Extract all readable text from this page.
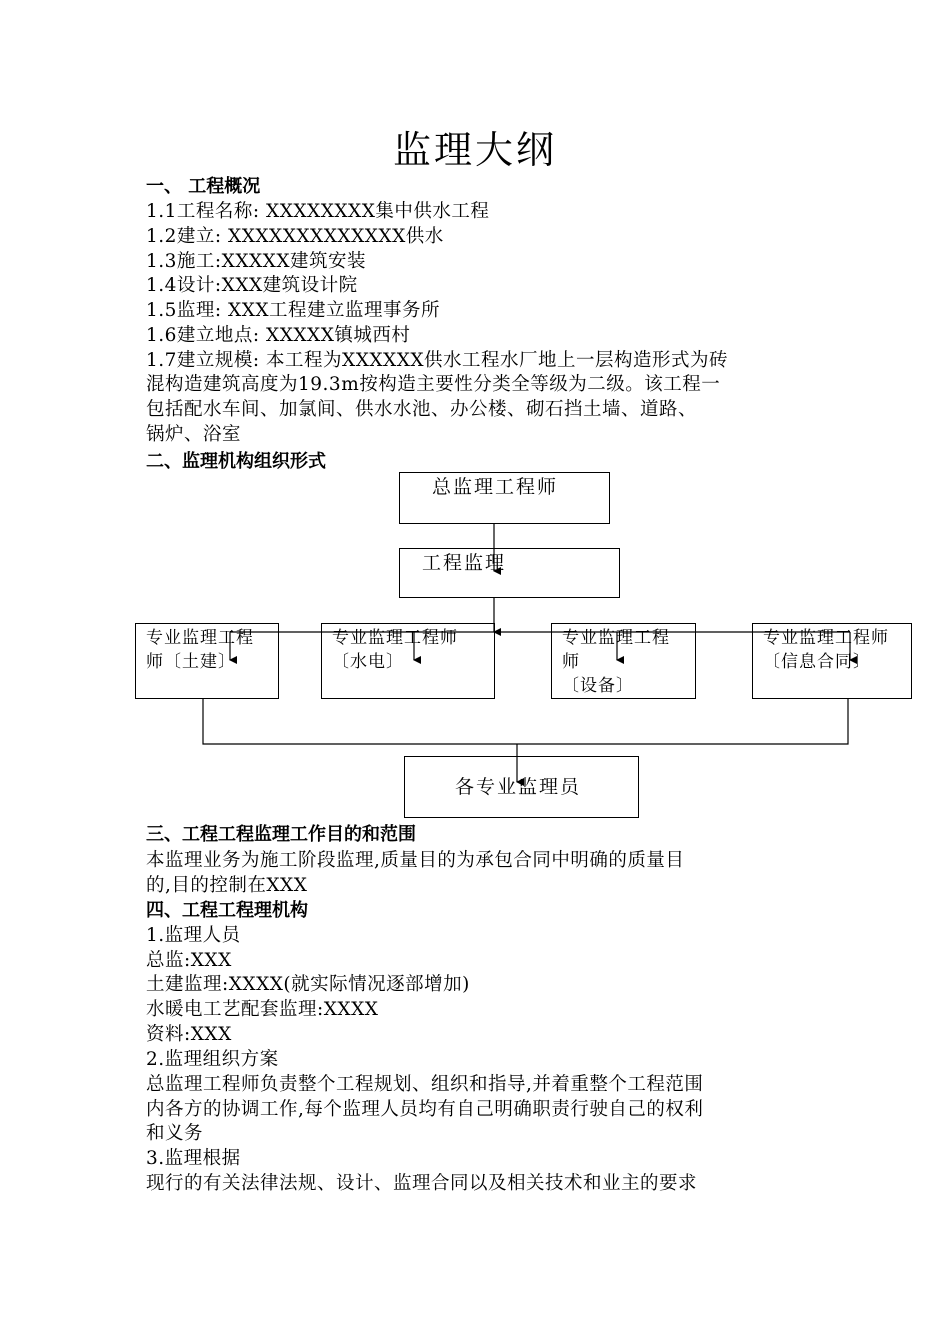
监理大纲
一、 工程概况
1.1工程名称: XXXXXXXX集中供水工程
1.2建立: XXXXXXXXXXXXX供水
1.3施工:XXXXX建筑安装
1.4设计:XXX建筑设计院
1.5监理: XXX工程建立监理事务所
1.6建立地点: XXXXX镇城西村
1.7建立规模: 本工程为XXXXXX供水工程水厂地上一层构造形式为砖
混构造建筑高度为19.3m按构造主要性分类全等级为二级。该工程一
包括配水车间、加氯间、供水水池、办公楼、砌石挡土墙、道路、
锅炉、浴室
二、监理机构组织形式
总监理工程师
工程监理
专业监理工程
师〔土建〕
专业监理工程师
〔水电〕
专业监理工程
师
〔设备〕
专业监理工程师
〔信息合同〕
各专业监理员
三、工程工程监理工作目的和范围
本监理业务为施工阶段监理,质量目的为承包合同中明确的质量目
的,目的控制在XXX
四、工程工程理机构
1.监理人员
总监:XXX
土建监理:XXXX(就实际情况逐部增加)
水暖电工艺配套监理:XXXX
资料:XXX
2.监理组织方案
总监理工程师负责整个工程规划、组织和指导,并着重整个工程范围
内各方的协调工作,每个监理人员均有自己明确职责行驶自己的权利
和义务
3.监理根据
现行的有关法律法规、设计、监理合同以及相关技术和业主的要求
